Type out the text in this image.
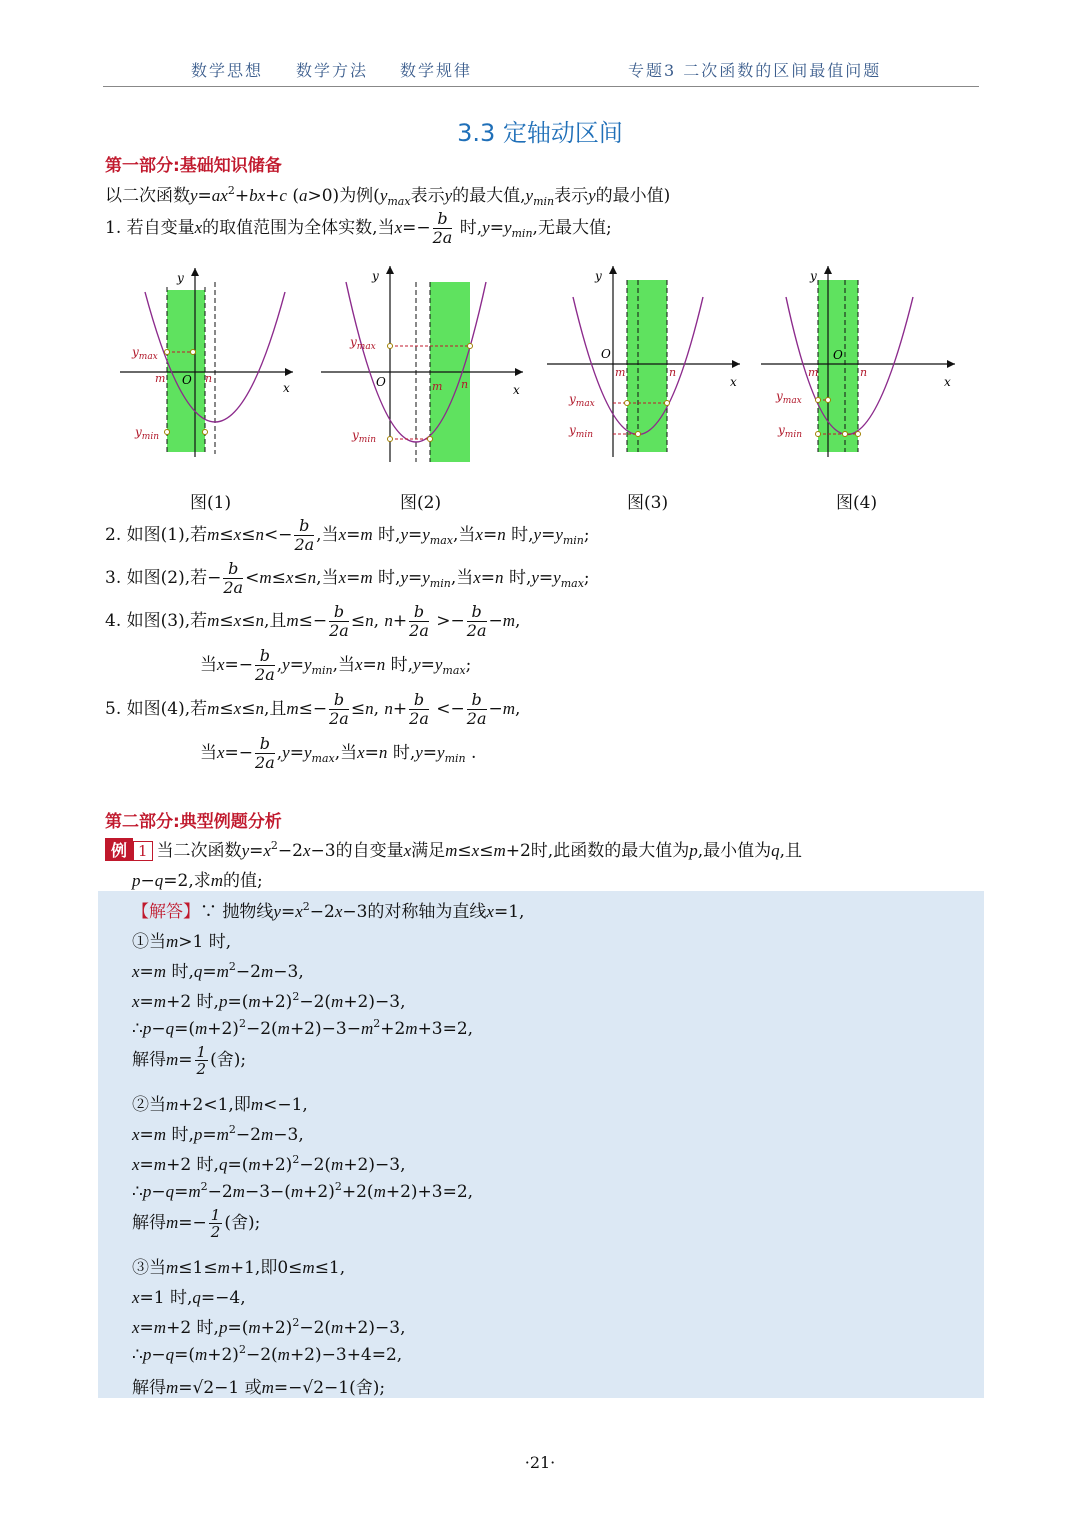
数学思想 数学方法 数学规律	专题3 二次函数的区间最值问题
3.3 定轴动区间
第一部分:基础知识储备
以二次函数$y=ax^2+bx+c$ (a>0)为例($y_{max}$表示y的最大值$,y_{min}$表示y的最小值)
1. 若自变量x的取值范围为全体实数,当$x=- \frac{b}{2a}$ 时$,y=y_{min}$,无最大值;
y
x
O
m	n
$y_{max}$
$y_{min}$
y
x
O	m n
$y_{max}$
$y_{min}$
y
x
O
m	n
$y_{max}$
$y_{min}$
y
x
O
m	n
$y_{max}$
$y_{min}$
图(1)	图(2)	图(3)	图(4)
2. 如图(1),若$m\le x\le n<- \frac{b}{2a}$ ,当x=m 时$,y=y_{max}$,当x=n 时$,y=y_{min}$;
3. 如图(2),若− $\frac{b}{2a} <m\le x\le n$,当x=m 时$,y=y_{min}$,当x=n 时$,y=y_{max}$;
4. 如图(3),若m≤x≤n,且$m\le- \frac{b}{2a} \le n$, $n+ \frac{b}{2a} >- \frac{b}{2a} -m$,
当$x=- \frac{b}{2a} ,y=y_{min}$,当x=n 时$,y=y_{max}$;
5. 如图(4),若m≤x≤n,且$m\le- \frac{b}{2a} \le n$, $n+ \frac{b}{2a} <- \frac{b}{2a} -m$,
当$x=- \frac{b}{2a} ,y=y_{max}$,当x=n 时$,y=y_{min}$ .
第二部分:典型例题分析
例 1 当二次函数$y=x^2-2x-3$的自变量x满足m≤x≤m+2时,此函数的最大值为p,最小值为q,且
p−q=2,求m的值;
【解答】∵ 抛物线$y=x^2-2x-3$的对称轴为直线x=1,
①当m>1 时,
x=m 时$,q=m^2-2m-3$,
x=m+2 时$,p=(m+2)^2-2(m+2)-3$,
$\therefore p-q=(m+2)^2-2(m+2)-3-m^2+2m+3=2$,
解得$m= \frac{1}{2}$ (舍);
②当m+2<1,即m<−1,
x=m 时$,p=m^2-2m-3$,
x=m+2 时$,q=(m+2)^2-2(m+2)-3$,
$\therefore p-q=m^2-2m-3-(m+2)^2+2(m+2)+3=2$,
解得$m=- \frac{1}{2}$ (舍);
③当m≤1≤m+1,即0≤m≤1,
x=1 时,q=−4,
x=m+2 时$,p=(m+2)^2-2(m+2)-3$,
$\therefore p-q=(m+2)^2-2(m+2)-3+4=2$,
解得m=√2−1 或m=−√2−1(舍);
·21·
